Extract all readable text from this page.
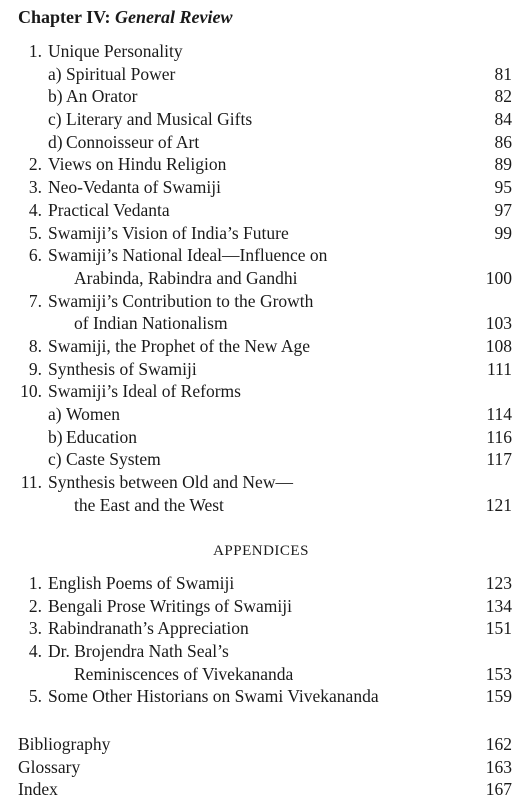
Chapter IV: General Review
1. Unique Personality
a) Spiritual Power	81
b) An Orator	82
c) Literary and Musical Gifts	84
d) Connoisseur of Art	86
2. Views on Hindu Religion	89
3. Neo-Vedanta of Swamiji	95
4. Practical Vedanta	97
5. Swamiji’s Vision of India’s Future	99
6. Swamiji’s National Ideal—Influence on
Arabinda, Rabindra and Gandhi	100
7. Swamiji’s Contribution to the Growth
of Indian Nationalism	103
8. Swamiji, the Prophet of the New Age	108
9. Synthesis of Swamiji	111
10. Swamiji’s Ideal of Reforms
a) Women	114
b) Education	116
c) Caste System	117
11. Synthesis between Old and New—
the East and the West	121
APPENDICES
1. English Poems of Swamiji	123
2. Bengali Prose Writings of Swamiji	134
3. Rabindranath’s Appreciation	151
4. Dr. Brojendra Nath Seal’s
Reminiscences of Vivekananda	153
5. Some Other Historians on Swami Vivekananda	159
Bibliography	162
Glossary	163
Index	167
